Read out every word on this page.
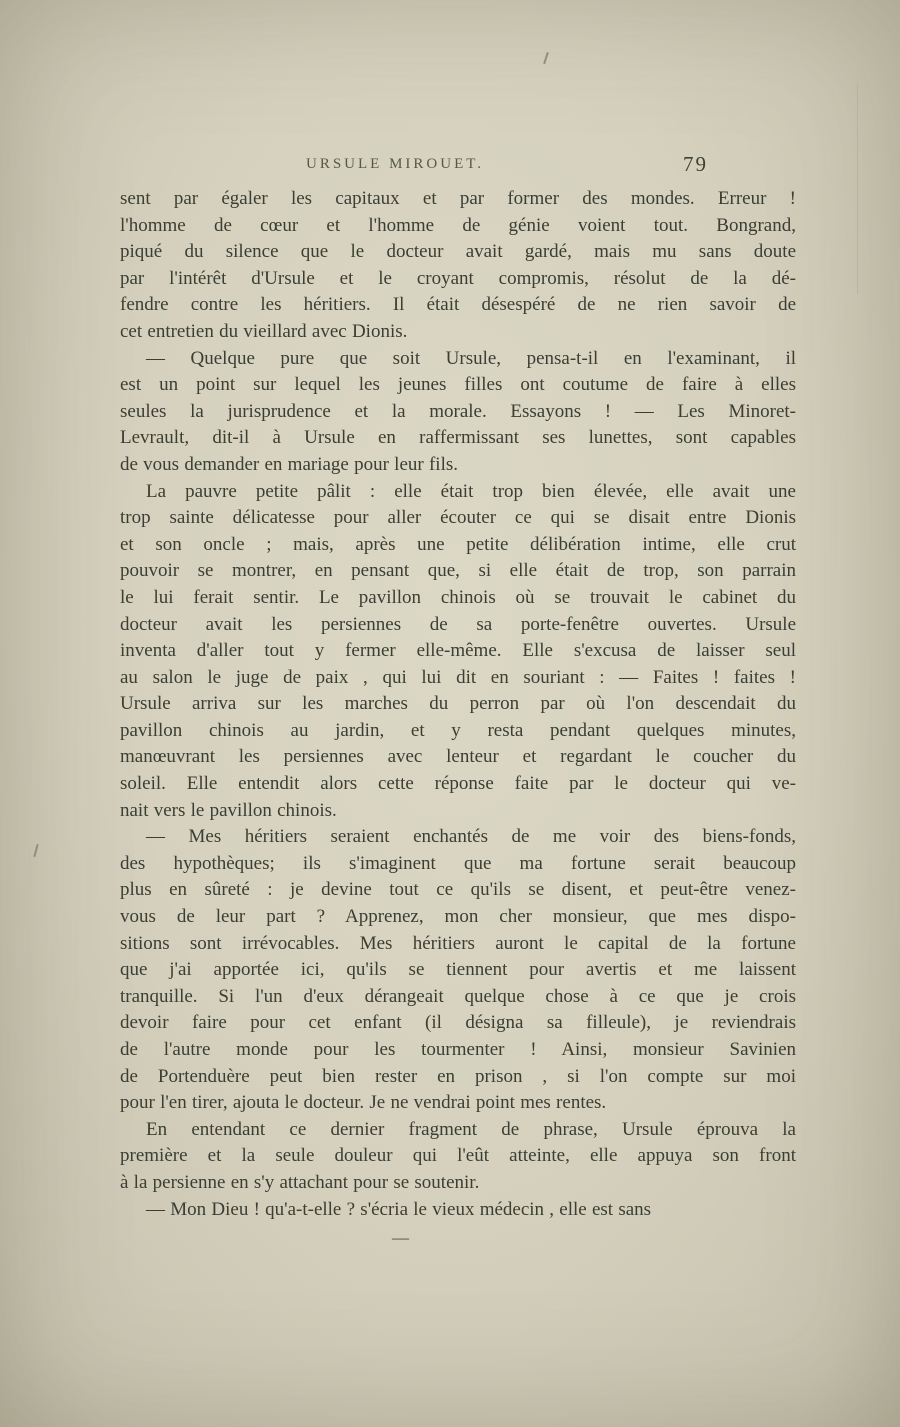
URSULE MIROUET.	79
sent par égaler les capitaux et par former des mondes. Erreur !
l'homme de cœur et l'homme de génie voient tout. Bongrand,
piqué du silence que le docteur avait gardé, mais mu sans doute
par l'intérêt d'Ursule et le croyant compromis, résolut de la dé-
fendre contre les héritiers. Il était désespéré de ne rien savoir de
cet entretien du vieillard avec Dionis.
— Quelque pure que soit Ursule, pensa-t-il en l'examinant, il
est un point sur lequel les jeunes filles ont coutume de faire à elles
seules la jurisprudence et la morale. Essayons ! — Les Minoret-
Levrault, dit-il à Ursule en raffermissant ses lunettes, sont capables
de vous demander en mariage pour leur fils.
La pauvre petite pâlit : elle était trop bien élevée, elle avait une
trop sainte délicatesse pour aller écouter ce qui se disait entre Dionis
et son oncle ; mais, après une petite délibération intime, elle crut
pouvoir se montrer, en pensant que, si elle était de trop, son parrain
le lui ferait sentir. Le pavillon chinois où se trouvait le cabinet du
docteur avait les persiennes de sa porte-fenêtre ouvertes. Ursule
inventa d'aller tout y fermer elle-même. Elle s'excusa de laisser seul
au salon le juge de paix , qui lui dit en souriant : — Faites ! faites !
Ursule arriva sur les marches du perron par où l'on descendait du
pavillon chinois au jardin, et y resta pendant quelques minutes,
manœuvrant les persiennes avec lenteur et regardant le coucher du
soleil. Elle entendit alors cette réponse faite par le docteur qui ve-
nait vers le pavillon chinois.
— Mes héritiers seraient enchantés de me voir des biens-fonds,
des hypothèques; ils s'imaginent que ma fortune serait beaucoup
plus en sûreté : je devine tout ce qu'ils se disent, et peut-être venez-
vous de leur part ? Apprenez, mon cher monsieur, que mes dispo-
sitions sont irrévocables. Mes héritiers auront le capital de la fortune
que j'ai apportée ici, qu'ils se tiennent pour avertis et me laissent
tranquille. Si l'un d'eux dérangeait quelque chose à ce que je crois
devoir faire pour cet enfant (il désigna sa filleule), je reviendrais
de l'autre monde pour les tourmenter ! Ainsi, monsieur Savinien
de Portenduère peut bien rester en prison , si l'on compte sur moi
pour l'en tirer, ajouta le docteur. Je ne vendrai point mes rentes.
En entendant ce dernier fragment de phrase, Ursule éprouva la
première et la seule douleur qui l'eût atteinte, elle appuya son front
à la persienne en s'y attachant pour se soutenir.
— Mon Dieu ! qu'a-t-elle ? s'écria le vieux médecin , elle est sans
—
